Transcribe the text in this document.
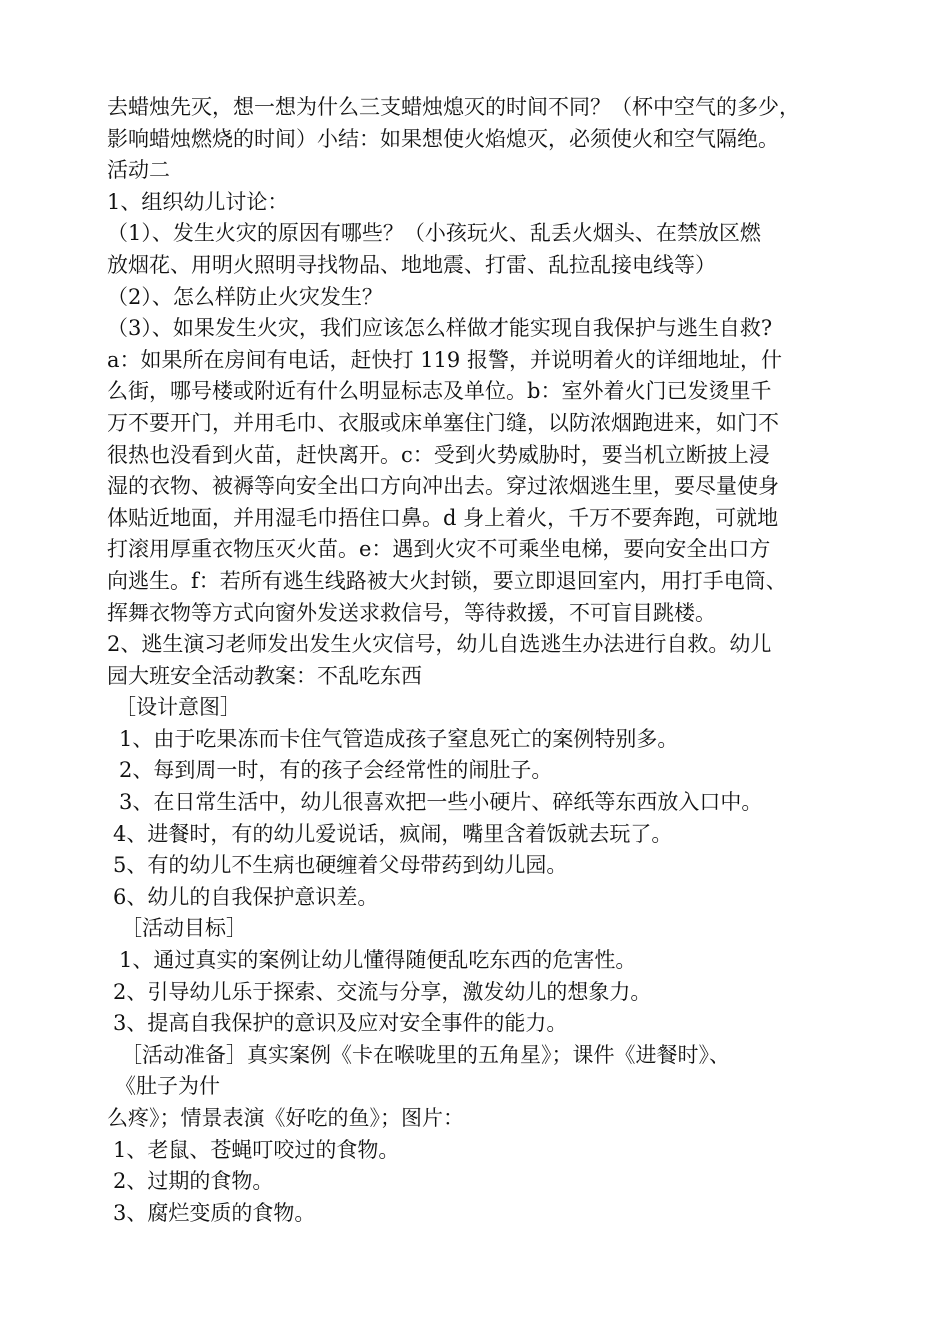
去蜡烛先灭，想一想为什么三支蜡烛熄灭的时间不同？（杯中空气的多少，
影响蜡烛燃烧的时间）小结：如果想使火焰熄灭，必须使火和空气隔绝。
活动二
1、组织幼儿讨论：
（1）、发生火灾的原因有哪些？（小孩玩火、乱丢火烟头、在禁放区燃
放烟花、用明火照明寻找物品、地地震、打雷、乱拉乱接电线等）
（2）、怎么样防止火灾发生？
（3）、如果发生火灾，我们应该怎么样做才能实现自我保护与逃生自救?
a：如果所在房间有电话，赶快打 119 报警，并说明着火的详细地址，什
么街，哪号楼或附近有什么明显标志及单位。b：室外着火门已发烫里千
万不要开门，并用毛巾、衣服或床单塞住门缝，以防浓烟跑进来，如门不
很热也没看到火苗，赶快离开。c：受到火势威胁时，要当机立断披上浸
湿的衣物、被褥等向安全出口方向冲出去。穿过浓烟逃生里，要尽量使身
体贴近地面，并用湿毛巾捂住口鼻。d 身上着火，千万不要奔跑，可就地
打滚用厚重衣物压灭火苗。e：遇到火灾不可乘坐电梯，要向安全出口方
向逃生。f：若所有逃生线路被大火封锁，要立即退回室内，用打手电筒、
挥舞衣物等方式向窗外发送求救信号，等待救援，不可盲目跳楼。
2、逃生演习老师发出发生火灾信号，幼儿自选逃生办法进行自救。幼儿
园大班安全活动教案：不乱吃东西
［设计意图］
1、由于吃果冻而卡住气管造成孩子窒息死亡的案例特别多。
2、每到周一时，有的孩子会经常性的闹肚子。
3、在日常生活中，幼儿很喜欢把一些小硬片、碎纸等东西放入口中。
4、进餐时，有的幼儿爱说话，疯闹，嘴里含着饭就去玩了。
5、有的幼儿不生病也硬缠着父母带药到幼儿园。
6、幼儿的自我保护意识差。
［活动目标］
1、通过真实的案例让幼儿懂得随便乱吃东西的危害性。
2、引导幼儿乐于探索、交流与分享，激发幼儿的想象力。
3、提高自我保护的意识及应对安全事件的能力。
［活动准备］真实案例《卡在喉咙里的五角星》；课件《进餐时》、
《肚子为什
么疼》；情景表演《好吃的鱼》；图片：
1、老鼠、苍蝇叮咬过的食物。
2、过期的食物。
3、腐烂变质的食物。
